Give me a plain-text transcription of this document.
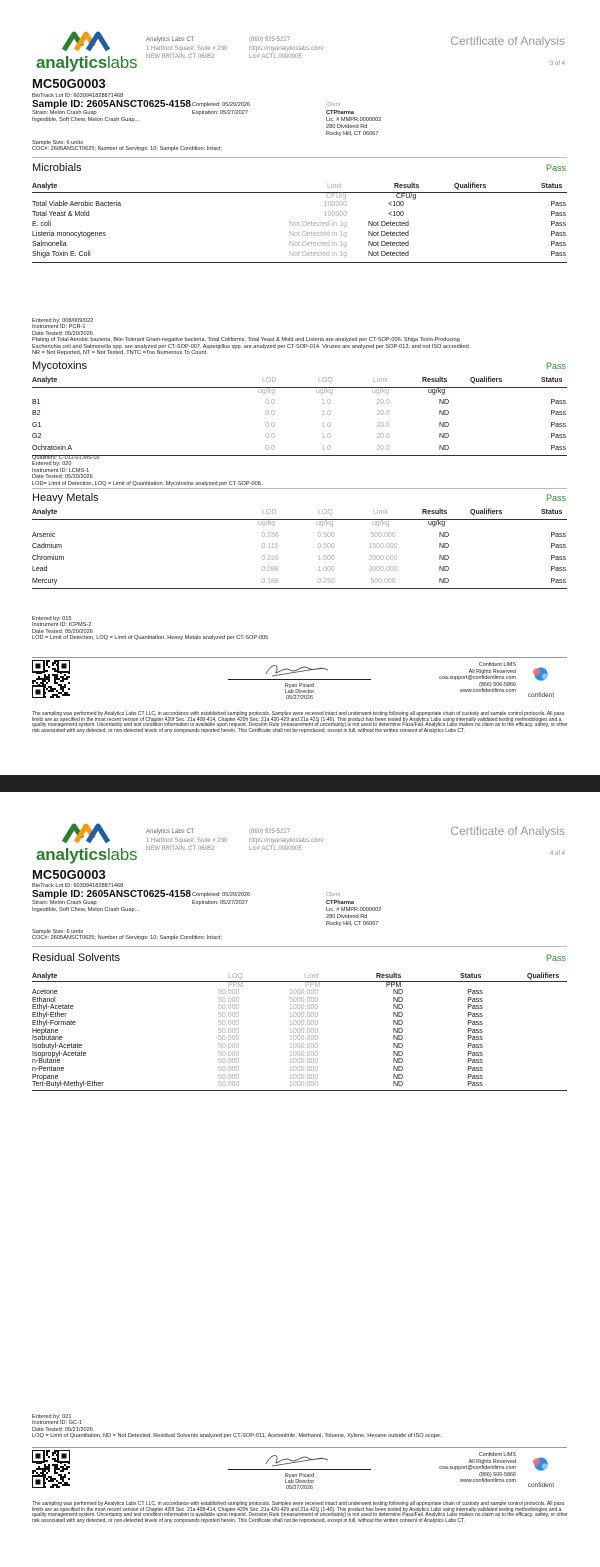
analyticslabs
Analytics Labs CT
1 Hartford Square, Suite # 230
NEW BRITAIN, CT 06052
(860) 925-5227
https://myanalyticslabs.com/
Lic# ACTL.0000005
Certificate of Analysis
3 of 4
MC50G0003
BioTrack Lot ID: 6030941828871468
Sample ID: 2605ANSCT0625-4158
Strain: Melon Crash Guap
Ingestible, Soft Chew, Melon Crash Guap...
Completed: 05/20/2026
Expiration: 05/27/2027
Sample Size: 6 units
COC#: 2605ANSCT0625; Number of Servings: 10; Sample Condition: Intact;
Client
CTPharma
Lic. # MMPR.0000002
280 Dividend Rd
Rocky Hill, CT 06067
Microbials	Pass
Analyte	Limit	Results	Qualifiers	Status
CFU/g	CFU/g
Total Viable Aerobic Bacteria	100000	<100	Pass
Total Yeast & Mold	100000	<100	Pass
E. coli	Not Detected in 1g	Not Detected	Pass
Listeria monocytogenes	Not Detected in 1g	Not Detected	Pass
Salmonella	Not Detected in 1g	Not Detected	Pass
Shiga Toxin E. Coli	Not Detected in 1g	Not Detected	Pass
Entered by: 008/009/022
Instrument ID: PCR-1
Date Tested: 05/20/2026
Plating of Total Aerobic bacteria, Bile-Tolerant Gram-negative bacteria, Total Coliforms, Total Yeast & Mold and Listeria are analyzed per CT-SOP-006. Shiga Toxin-Producing
Escherichia coli and Salmonella spp. are analyzed per CT-SOP-007. Aspergillus spp. are analyzed per CT-SOP-014. Viruses are analyzed per SOP-013, and not ISO accredited.
NR = Not Reported, NT = Not Tested, TNTC =Too Numerous To Count.
Mycotoxins	Pass
Analyte	LOD	LOQ	Limit	Results	Qualifiers	Status
ug/kg	ug/kg	ug/kg	ug/kg
B1	0.0	1.0	20.0	ND	Pass
B2	0.0	1.0	20.0	ND	Pass
G1	0.0	1.0	20.0	ND	Pass
G2	0.0	1.0	20.0	ND	Pass
Ochratoxin A	0.0	1.0	20.0	ND	Pass
Qualifiers: C-011-01,MS-03
Entered by: 020
Instrument ID: LCMS-1
Date Tested: 05/20/2026
LOD= Limit of Detection, LOQ = Limit of Quantitation. Mycotoxins analyzed per CT-SOP-008.
Heavy Metals	Pass
Analyte	LOD	LOQ	Limit	Results	Qualifiers	Status
ug/kg	ug/kg	ug/kg	ug/kg
Arsenic	0.236	0.500	500.000	ND	Pass
Cadmium	0.115	0.500	1500.000	ND	Pass
Chromium	0.216	1.000	2000.000	ND	Pass
Lead	0.088	1.000	3000.000	ND	Pass
Mercury	0.188	0.250	500.000	ND	Pass
Entered by: 015
Instrument ID: ICPMS-2
Date Tested: 05/20/2026
LOD = Limit of Detection, LOQ = Limit of Quantitation. Heavy Metals analyzed per CT-SOP-005
Ryan Picard
Lab Director
05/27/2026
Confident LIMS
All Rights Reserved
coa.support@confidentlims.com
(866) 506-5866
www.confidentlims.com
confident
The sampling was performed by Analytics Labs CT LLC, in accordance with established sampling protocols. Samples were received intact and underwent testing following all appropriate chain of custody and sample control protocols. All pass limits are as specified in the most recent version of Chapter 420f Sec. 21a 408-414, Chapter 420h Sec. 21a 420-429 and 21a 421j (1-40). This product has been tested by Analytics Labs using internally validated testing methodologies and a quality management system. Uncertainty and test condition information is available upon request. Decision Rule (measurement of uncertainty) is not used to determine Pass/Fail. Analytics Labs makes no claim as to the efficacy, safety, or other risk associated with any detected, or non-detected levels of any compounds reported herein. This Certificate shall not be reproduced, except in full, without the written consent of Analytics Labs CT.
analyticslabs
Analytics Labs CT
1 Hartford Square, Suite # 230
NEW BRITAIN, CT 06052
(860) 925-5227
https://myanalyticslabs.com/
Lic# ACTL.0000005
Certificate of Analysis
4 of 4
MC50G0003
BioTrack Lot ID: 6030941828871468
Sample ID: 2605ANSCT0625-4158
Strain: Melon Crash Guap
Ingestible, Soft Chew, Melon Crash Guap...
Completed: 05/20/2026
Expiration: 05/27/2027
Sample Size: 6 units
COC#: 2605ANSCT0625; Number of Servings: 10; Sample Condition: Intact;
Client
CTPharma
Lic. # MMPR.0000002
280 Dividend Rd
Rocky Hill, CT 06067
Residual Solvents	Pass
Analyte	LOQ	Limit	Results	Status	Qualifiers
PPM	PPM	PPM
Acetone	50.000	1000.000	ND	Pass
Ethanol	50.000	5000.000	ND	Pass
Ethyl-Acetate	50.000	1000.000	ND	Pass
Ethyl-Ether	50.000	1000.000	ND	Pass
Ethyl-Formate	50.000	1000.000	ND	Pass
Heptane	50.000	1000.000	ND	Pass
Isobutane	50.000	1000.000	ND	Pass
Isobutyl-Acetate	50.000	1000.000	ND	Pass
Isopropyl-Acetate	50.000	1000.000	ND	Pass
n-Butane	50.000	1000.000	ND	Pass
n-Pentane	50.000	1000.000	ND	Pass
Propane	50.000	1000.000	ND	Pass
Tert-Butyl-Methyl-Ether	50.000	1000.000	ND	Pass
Entered by: 021
Instrument ID: GC-1
Date Tested: 05/21/2026
LOQ = Limit of Quantitation, ND = Not Detected. Residual Solvents analyzed per CT-SOP-011, Acetonitrile, Methanol, Toluene, Xylene, Hexane outside of ISO scope.
Ryan Picard
Lab Director
05/27/2026
Confident LIMS
All Rights Reserved
coa.support@confidentlims.com
(866) 506-5866
www.confidentlims.com
confident
The sampling was performed by Analytics Labs CT LLC, in accordance with established sampling protocols. Samples were received intact and underwent testing following all appropriate chain of custody and sample control protocols. All pass limits are as specified in the most recent version of Chapter 420f Sec. 21a 408-414, Chapter 420h Sec. 21a 420-429 and 21a 421j (1-40). This product has been tested by Analytics Labs using internally validated testing methodologies and a quality management system. Uncertainty and test condition information is available upon request. Decision Rule (measurement of uncertainty) is not used to determine Pass/Fail. Analytics Labs makes no claim as to the efficacy, safety, or other risk associated with any detected, or non-detected levels of any compounds reported herein. This Certificate shall not be reproduced, except in full, without the written consent of Analytics Labs CT.
